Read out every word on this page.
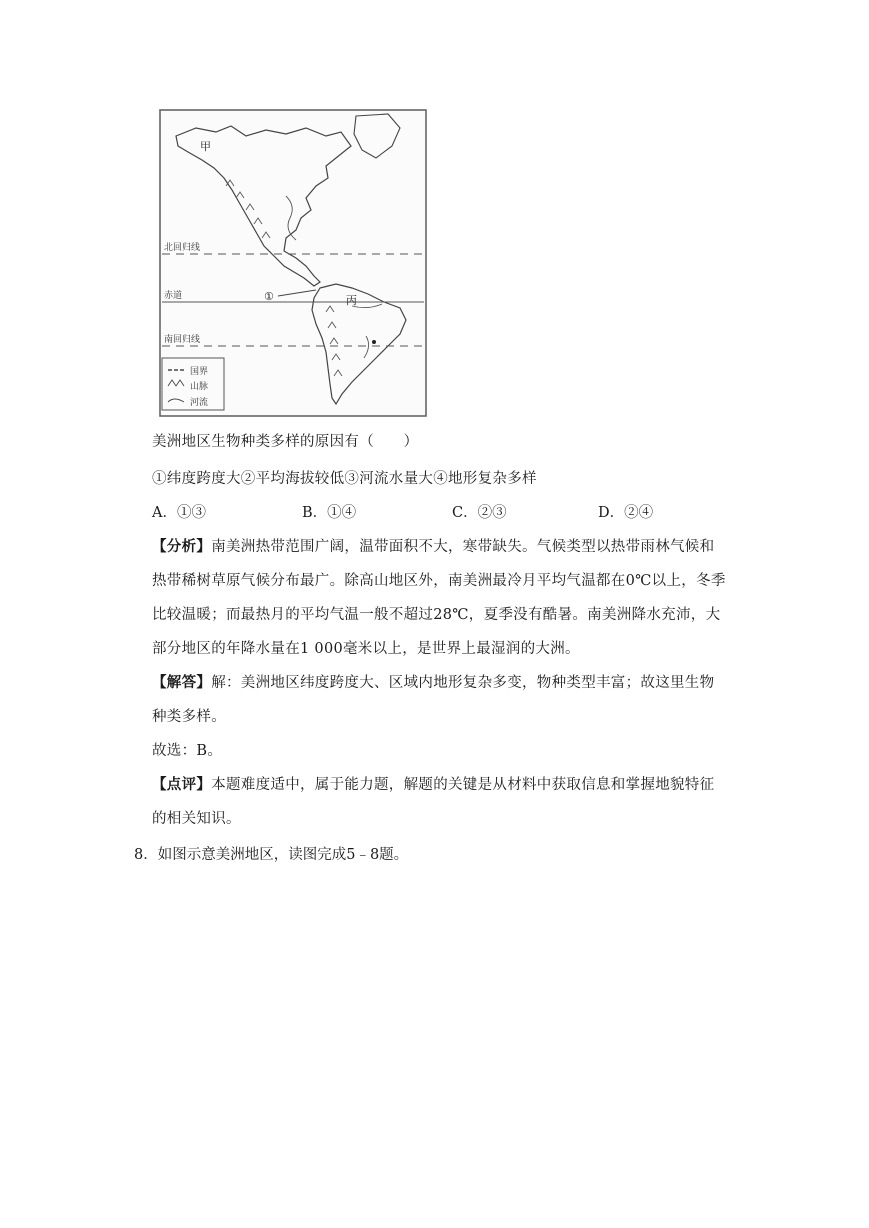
北回归线
赤道
南回归线
甲
①	丙
国界
山脉
河流
美洲地区生物种类多样的原因有（　　）
①纬度跨度大②平均海拔较低③河流水量大④地形复杂多样
A．①③	B．①④	C．②③	D．②④
【分析】南美洲热带范围广阔，温带面积不大，寒带缺失。气候类型以热带雨林气候和
热带稀树草原气候分布最广。除高山地区外，南美洲最冷月平均气温都在0℃以上，冬季
比较温暖；而最热月的平均气温一般不超过28℃，夏季没有酷暑。南美洲降水充沛，大
部分地区的年降水量在1 000毫米以上，是世界上最湿润的大洲。
【解答】解：美洲地区纬度跨度大、区域内地形复杂多变，物种类型丰富；故这里生物
种类多样。
故选：B。
【点评】本题难度适中，属于能力题，解题的关键是从材料中获取信息和掌握地貌特征
的相关知识。
8．如图示意美洲地区，读图完成5﹣8题。
